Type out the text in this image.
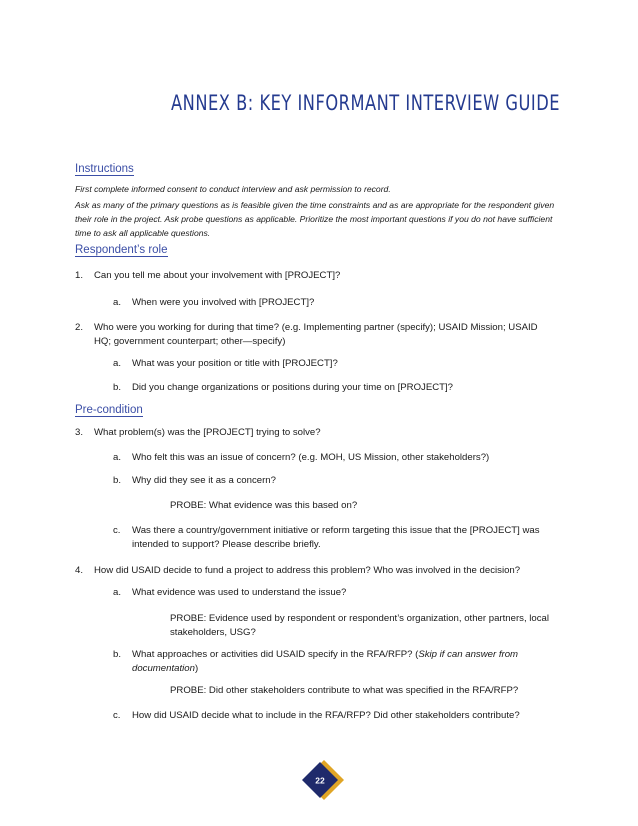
ANNEX B: KEY INFORMANT INTERVIEW GUIDE
Instructions

First complete informed consent to conduct interview and ask permission to record.

Ask as many of the primary questions as is feasible given the time constraints and as are appropriate for the respondent given their role in the project. Ask probe questions as applicable. Prioritize the most important questions if you do not have sufficient time to ask all applicable questions.

Respondent’s role
1. Can you tell me about your involvement with [PROJECT]?
a. When were you involved with [PROJECT]?
2. Who were you working for during that time? (e.g. Implementing partner (specify); USAID Mission; USAID HQ; government counterpart; other—specify)
a. What was your position or title with [PROJECT]?
b. Did you change organizations or positions during your time on [PROJECT]?
Pre-condition
3. What problem(s) was the [PROJECT] trying to solve?
a. Who felt this was an issue of concern? (e.g. MOH, US Mission, other stakeholders?)
b. Why did they see it as a concern?

PROBE: What evidence was this based on?

c. Was there a country/government initiative or reform targeting this issue that the [PROJECT] was intended to support? Please describe briefly.
4. How did USAID decide to fund a project to address this problem? Who was involved in the decision?
a. What evidence was used to understand the issue?

PROBE: Evidence used by respondent or respondent’s organization, other partners, local stakeholders, USG?

b. What approaches or activities did USAID specify in the RFA/RFP? (Skip if can answer from documentation)

PROBE: Did other stakeholders contribute to what was specified in the RFA/RFP?

c. How did USAID decide what to include in the RFA/RFP? Did other stakeholders contribute?
22
